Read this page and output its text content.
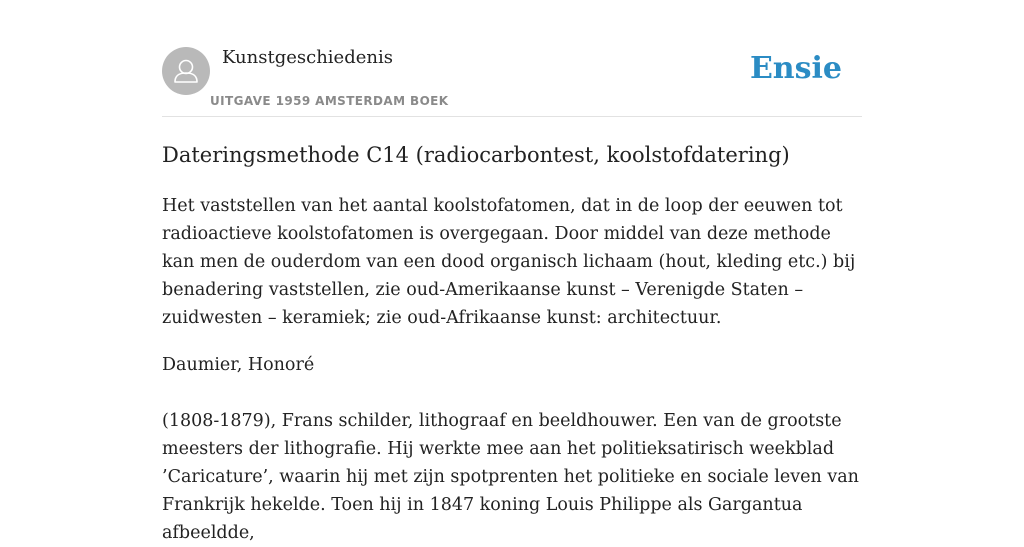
Kunstgeschiedenis
UITGAVE 1959 AMSTERDAM BOEK
Ensie
Dateringsmethode C14 (radiocarbontest, koolstofdatering)

Het vaststellen van het aantal koolstofatomen, dat in de loop der eeuwen tot radioactieve koolstofatomen is overgegaan. Door middel van deze methode kan men de ouderdom van een dood organisch lichaam (hout, kleding etc.) bij benadering vaststellen, zie oud-Amerikaanse kunst – Verenigde Staten – zuidwesten – keramiek; zie oud-Afrikaanse kunst: architectuur.

Daumier, Honoré

(1808-1879), Frans schilder, lithograaf en beeldhouwer. Een van de grootste meesters der lithografie. Hij werkte mee aan het politieksatirisch weekblad ’Caricature’, waarin hij met zijn spotprenten het politieke en sociale leven van Frankrijk hekelde. Toen hij in 1847 koning Louis Philippe als Gargantua afbeeldde,
